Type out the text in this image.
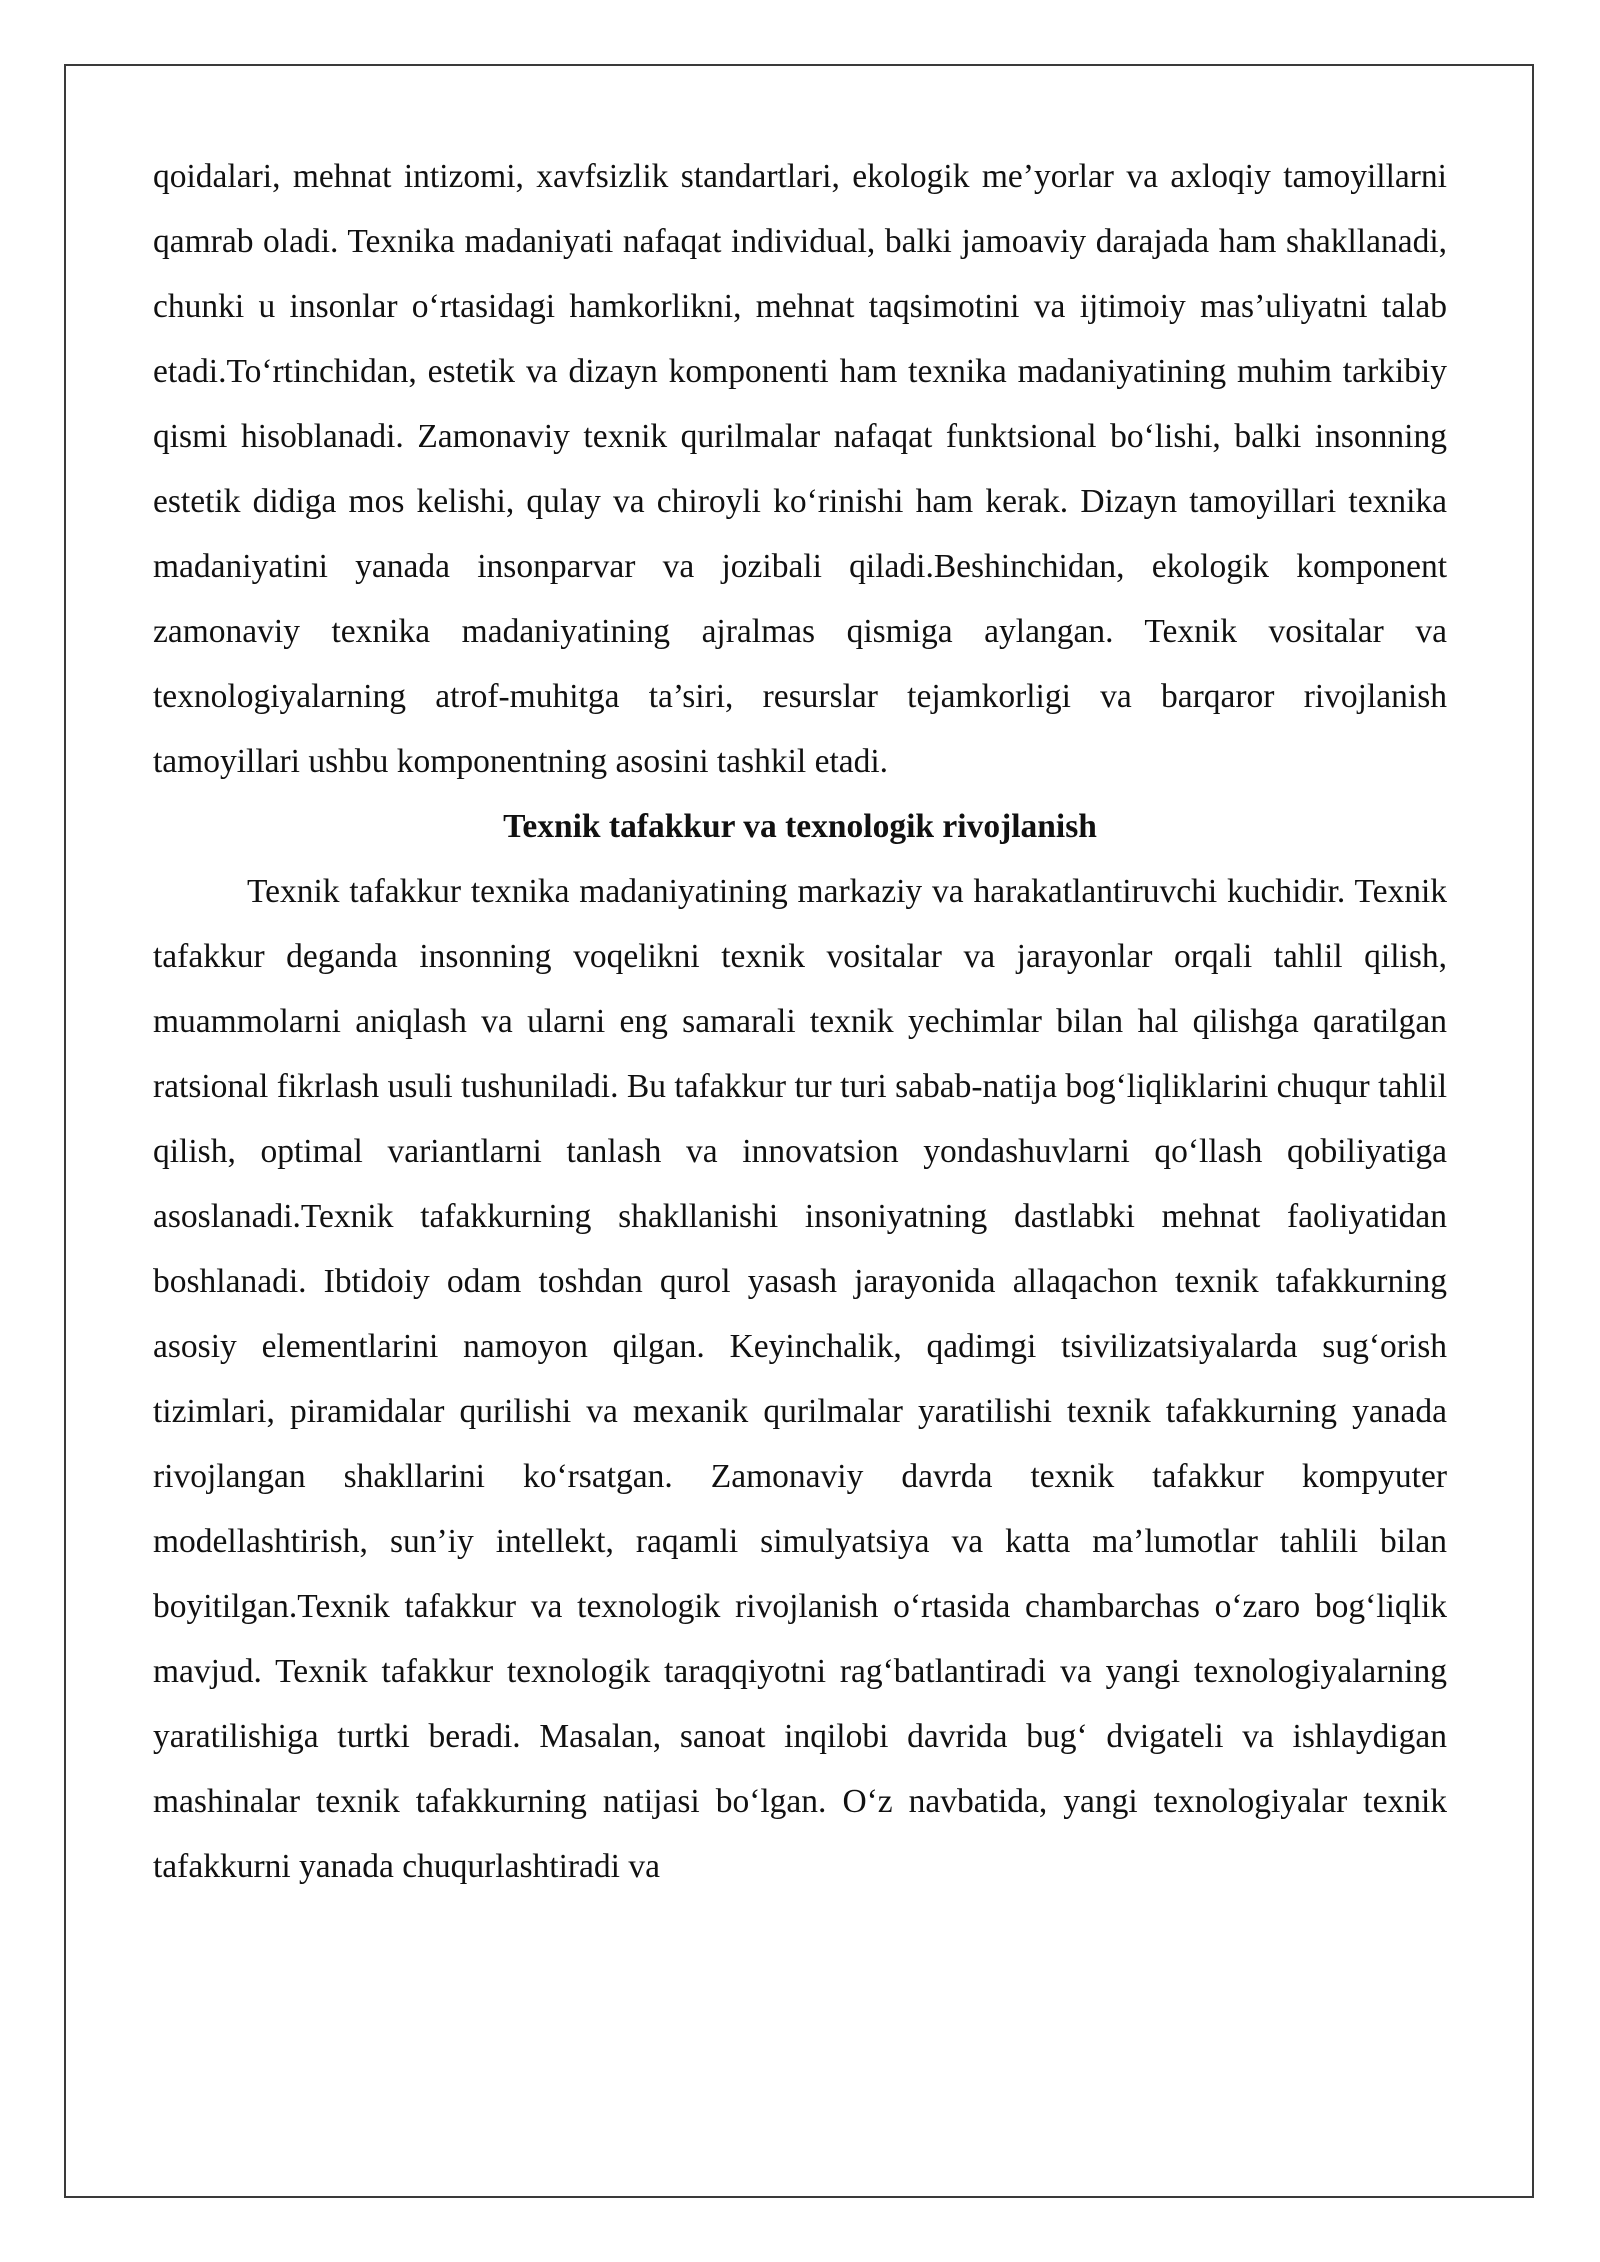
qoidalari, mehnat intizomi, xavfsizlik standartlari, ekologik me’yorlar va axloqiy tamoyillarni qamrab oladi. Texnika madaniyati nafaqat individual, balki jamoaviy darajada ham shakllanadi, chunki u insonlar o‘rtasidagi hamkorlikni, mehnat taqsimotini va ijtimoiy mas’uliyatni talab etadi.To‘rtinchidan, estetik va dizayn komponenti ham texnika madaniyatining muhim tarkibiy qismi hisoblanadi. Zamonaviy texnik qurilmalar nafaqat funktsional bo‘lishi, balki insonning estetik didiga mos kelishi, qulay va chiroyli ko‘rinishi ham kerak. Dizayn tamoyillari texnika madaniyatini yanada insonparvar va jozibali qiladi.Beshinchidan, ekologik komponent zamonaviy texnika madaniyatining ajralmas qismiga aylangan. Texnik vositalar va texnologiyalarning atrof-muhitga ta’siri, resurslar tejamkorligi va barqaror rivojlanish tamoyillari ushbu komponentning asosini tashkil etadi.

Texnik tafakkur va texnologik rivojlanish

Texnik tafakkur texnika madaniyatining markaziy va harakatlantiruvchi kuchidir. Texnik tafakkur deganda insonning voqelikni texnik vositalar va jarayonlar orqali tahlil qilish, muammolarni aniqlash va ularni eng samarali texnik yechimlar bilan hal qilishga qaratilgan ratsional fikrlash usuli tushuniladi. Bu tafakkur tur turi sabab-natija bog‘liqliklarini chuqur tahlil qilish, optimal variantlarni tanlash va innovatsion yondashuvlarni qo‘llash qobiliyatiga asoslanadi.Texnik tafakkurning shakllanishi insoniyatning dastlabki mehnat faoliyatidan boshlanadi. Ibtidoiy odam toshdan qurol yasash jarayonida allaqachon texnik tafakkurning asosiy elementlarini namoyon qilgan. Keyinchalik, qadimgi tsivilizatsiyalarda sug‘orish tizimlari, piramidalar qurilishi va mexanik qurilmalar yaratilishi texnik tafakkurning yanada rivojlangan shakllarini ko‘rsatgan. Zamonaviy davrda texnik tafakkur kompyuter modellashtirish, sun’iy intellekt, raqamli simulyatsiya va katta ma’lumotlar tahlili bilan boyitilgan.Texnik tafakkur va texnologik rivojlanish o‘rtasida chambarchas o‘zaro bog‘liqlik mavjud. Texnik tafakkur texnologik taraqqiyotni rag‘batlantiradi va yangi texnologiyalarning yaratilishiga turtki beradi. Masalan, sanoat inqilobi davrida bug‘ dvigateli va ishlaydigan mashinalar texnik tafakkurning natijasi bo‘lgan. O‘z navbatida, yangi texnologiyalar texnik tafakkurni yanada chuqurlashtiradi va
